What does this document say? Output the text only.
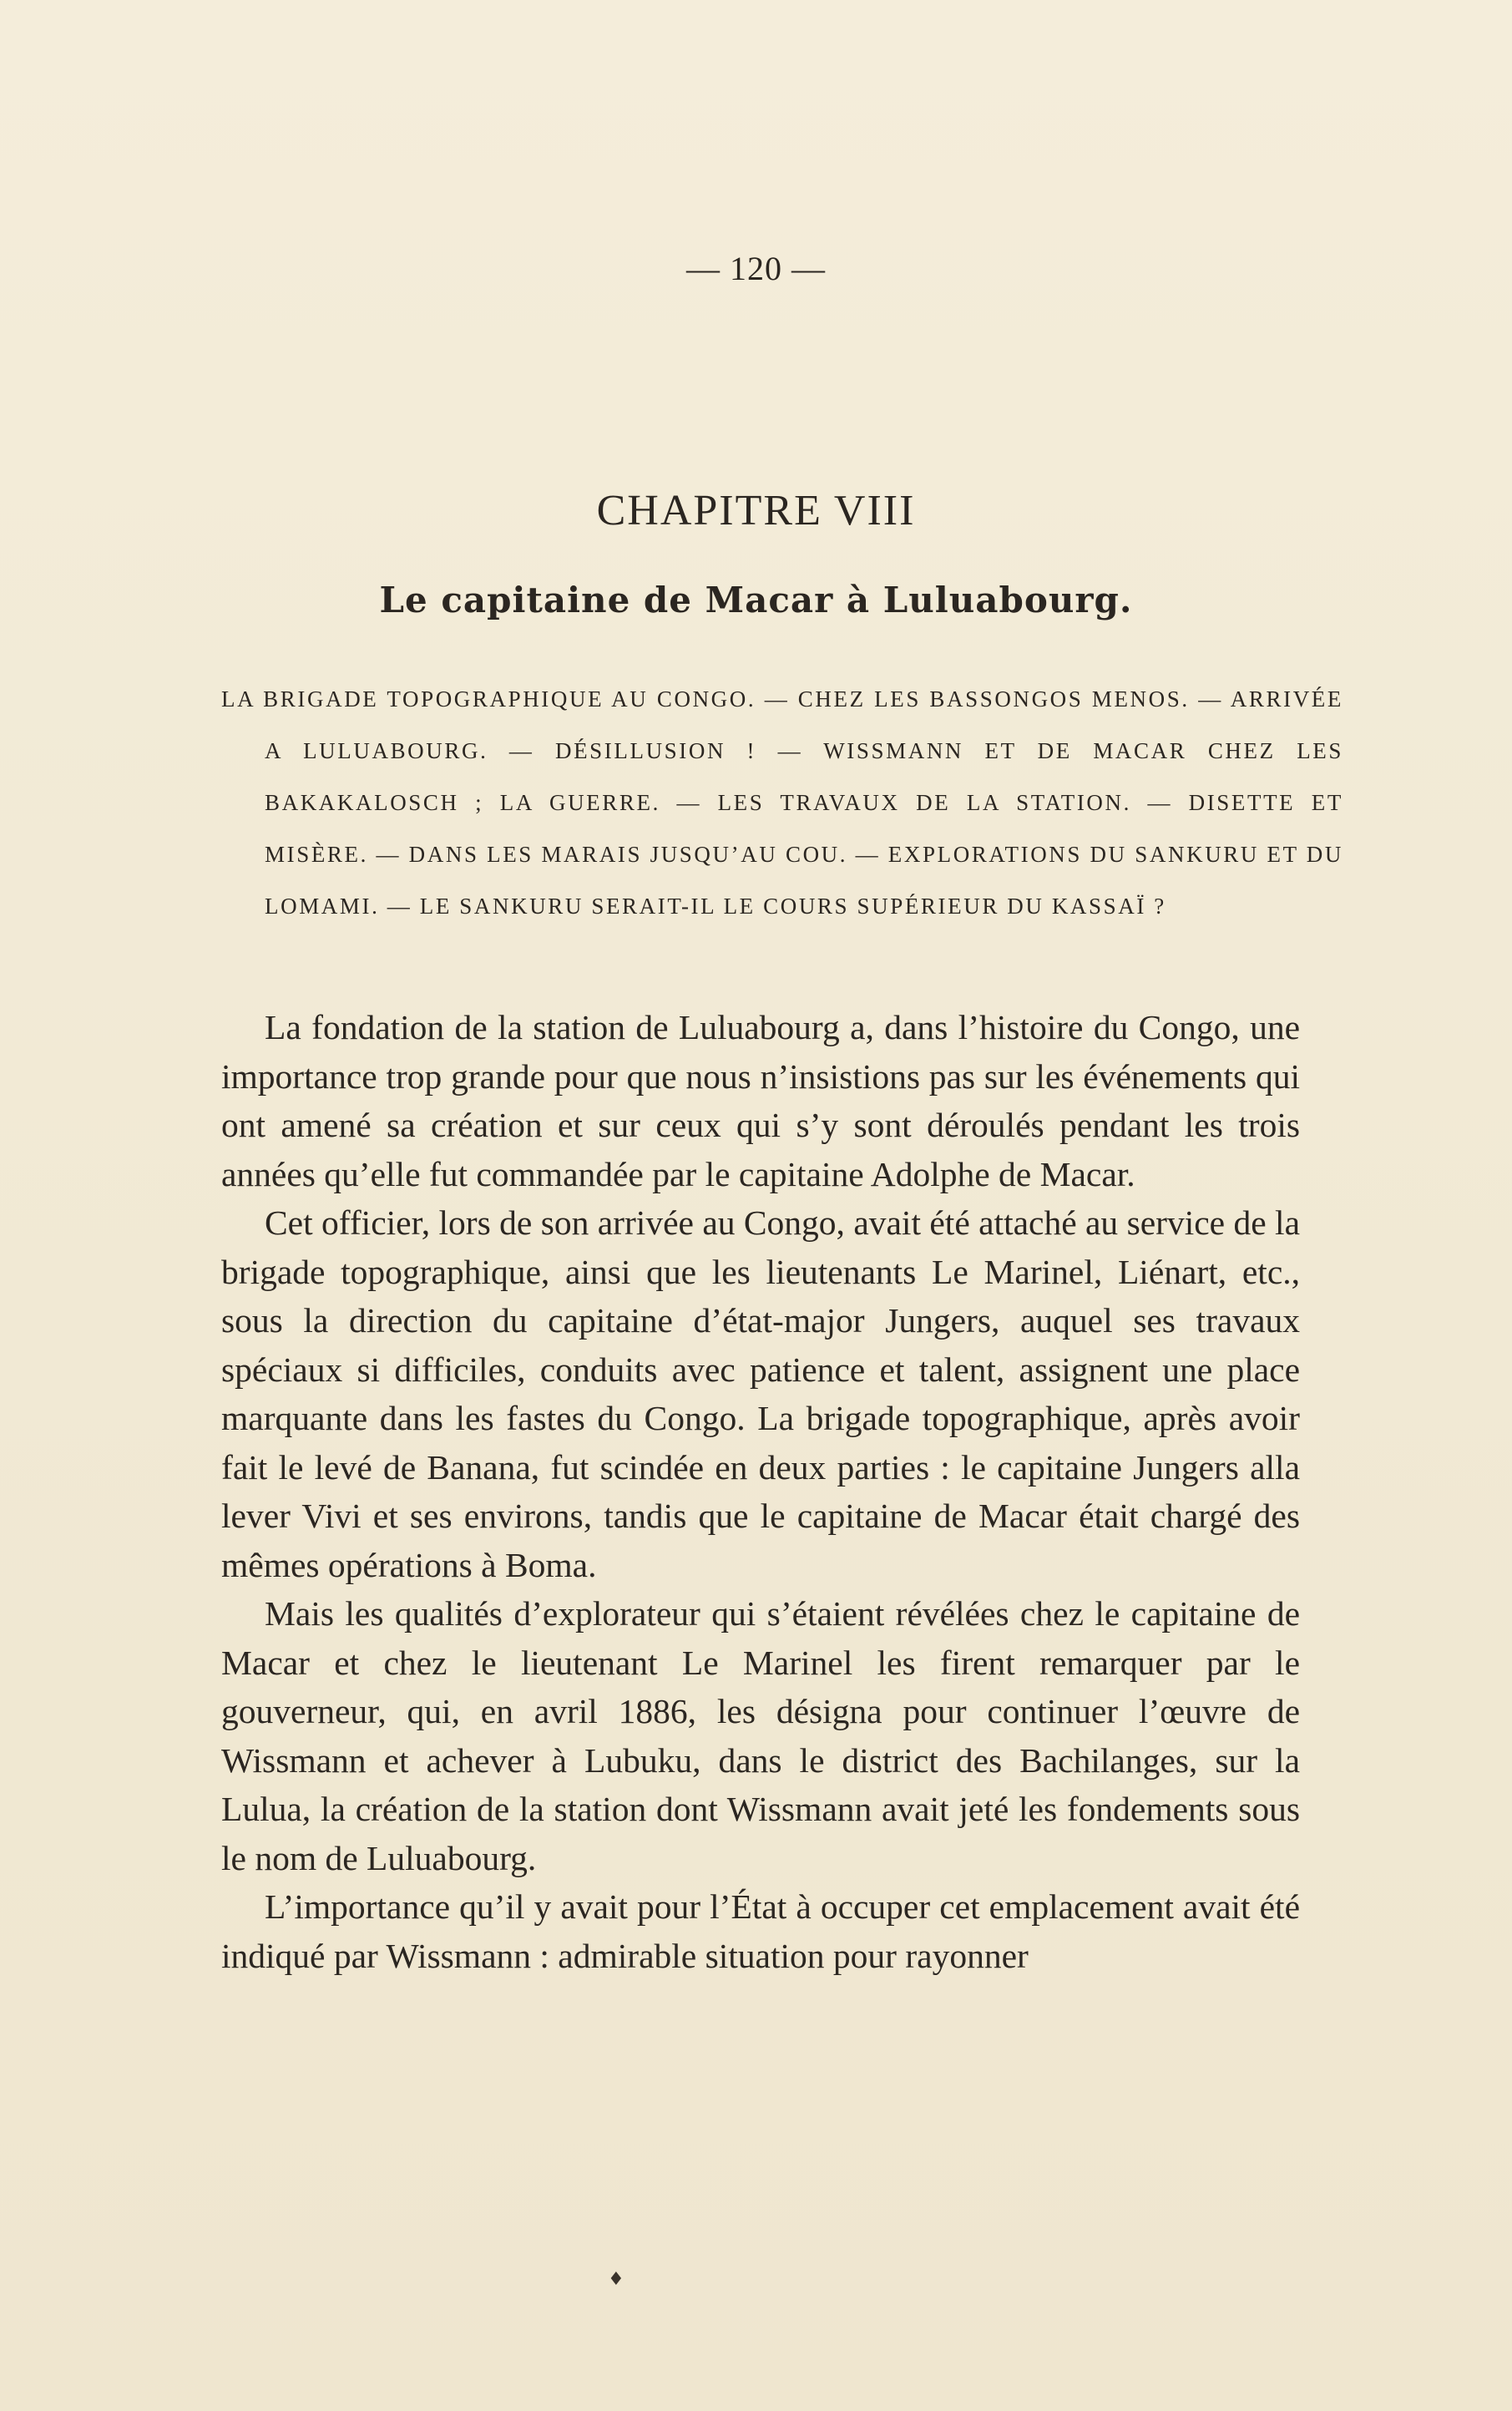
— 120 —
CHAPITRE VIII
Le capitaine de Macar à Luluabourg.

LA BRIGADE TOPOGRAPHIQUE AU CONGO. — CHEZ LES BASSONGOS MENOS. — ARRIVÉE A LULUABOURG. — DÉSILLUSION ! — WISSMANN ET DE MACAR CHEZ LES BAKAKALOSCH ; LA GUERRE. — LES TRAVAUX DE LA STATION. — DISETTE ET MISÈRE. — DANS LES MARAIS JUSQU’AU COU. — EXPLORATIONS DU SANKURU ET DU LOMAMI. — LE SANKURU SERAIT-IL LE COURS SUPÉRIEUR DU KASSAÏ ?

La fondation de la station de Luluabourg a, dans l’histoire du Congo, une importance trop grande pour que nous n’insistions pas sur les événements qui ont amené sa création et sur ceux qui s’y sont déroulés pendant les trois années qu’elle fut commandée par le capitaine Adolphe de Macar.

Cet officier, lors de son arrivée au Congo, avait été attaché au service de la brigade topographique, ainsi que les lieutenants Le Marinel, Liénart, etc., sous la direction du capitaine d’état-major Jungers, auquel ses travaux spéciaux si difficiles, conduits avec patience et talent, assignent une place marquante dans les fastes du Congo. La brigade topographique, après avoir fait le levé de Banana, fut scindée en deux parties : le capitaine Jungers alla lever Vivi et ses environs, tandis que le capitaine de Macar était chargé des mêmes opérations à Boma.

Mais les qualités d’explorateur qui s’étaient révélées chez le capitaine de Macar et chez le lieutenant Le Marinel les firent remarquer par le gouverneur, qui, en avril 1886, les désigna pour continuer l’œuvre de Wissmann et achever à Lubuku, dans le district des Bachilanges, sur la Lulua, la création de la station dont Wissmann avait jeté les fondements sous le nom de Luluabourg.

L’importance qu’il y avait pour l’État à occuper cet emplacement avait été indiqué par Wissmann : admirable situation pour rayonner

♦
